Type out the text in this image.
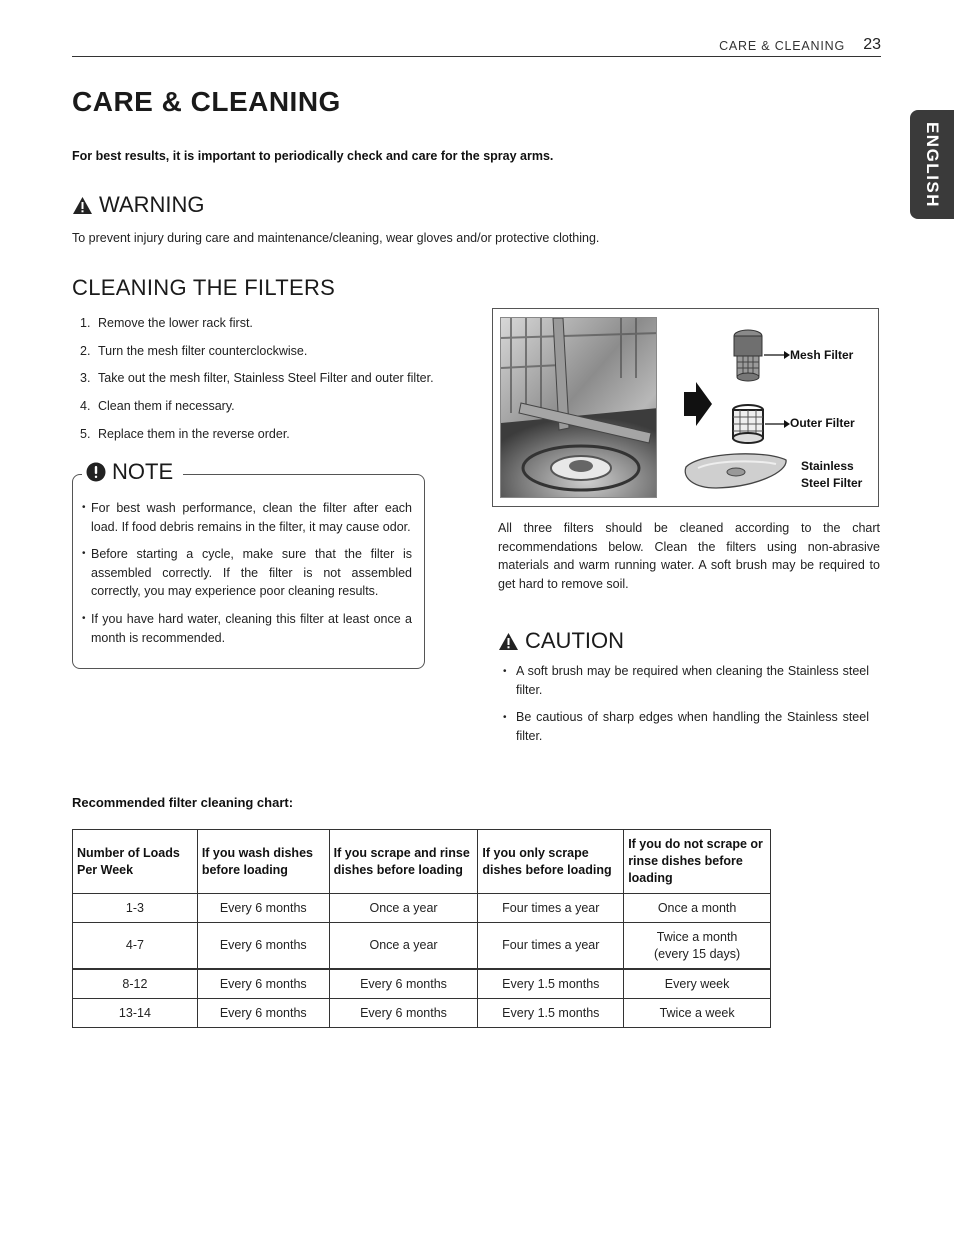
CARE & CLEANING 23
ENGLISH
CARE & CLEANING
For best results, it is important to periodically check and care for the spray arms.
WARNING
To prevent injury during care and maintenance/cleaning, wear gloves and/or protective clothing.
CLEANING THE FILTERS
1. Remove the lower rack first.
2. Turn the mesh filter counterclockwise.
3. Take out the mesh filter, Stainless Steel Filter and outer filter.
4. Clean them if necessary.
5. Replace them in the reverse order.
NOTE
• For best wash performance, clean the filter after each load. If food debris remains in the filter, it may cause odor.
• Before starting a cycle, make sure that the filter is assembled correctly. If the filter is not assembled correctly, you may experience poor cleaning results.
• If you have hard water, cleaning this filter at least once a month is recommended.
Mesh Filter
Outer Filter
Stainless
Steel Filter
All three filters should be cleaned according to the chart recommendations below. Clean the filters using non-abrasive materials and warm running water. A soft brush may be required to get hard to remove soil.
CAUTION
• A soft brush may be required when cleaning the Stainless steel filter.
• Be cautious of sharp edges when handling the Stainless steel filter.
Recommended filter cleaning chart:
Number of Loads Per Week	If you wash dishes before loading	If you scrape and rinse dishes before loading	If you only scrape dishes before loading	If you do not scrape or rinse dishes before loading
1-3	Every 6 months	Once a year	Four times a year	Once a month
4-7	Every 6 months	Once a year	Four times a year	Twice a month
(every 15 days)

8-12	Every 6 months	Every 6 months	Every 1.5 months	Every week
13-14	Every 6 months	Every 6 months	Every 1.5 months	Twice a week
